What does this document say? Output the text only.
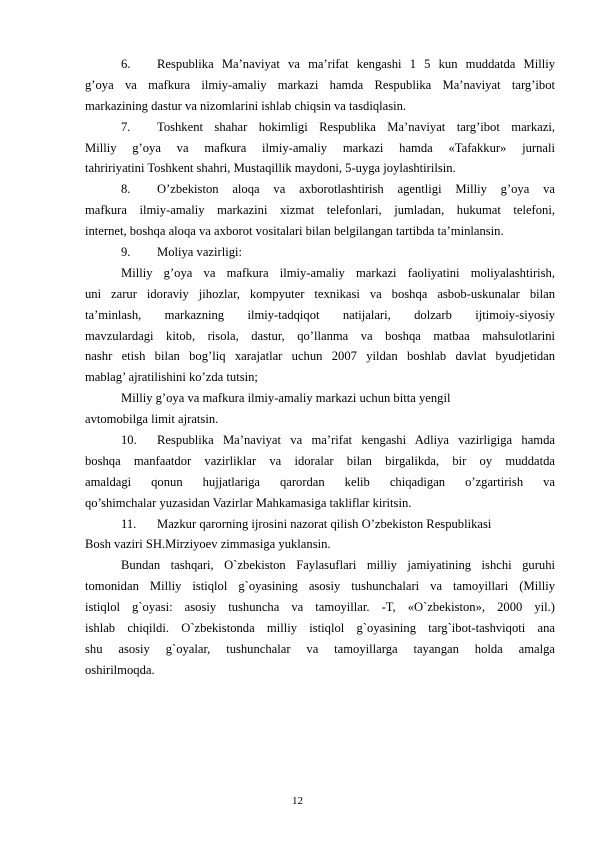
6. Respublika Ma’naviyat va ma’rifat kengashi 1 5 kun muddatda Milliy
g’oya va mafkura ilmiy-amaliy markazi hamda Respublika Ma’naviyat targ’ibot
markazining dastur va nizomlarini ishlab chiqsin va tasdiqlasin.
7. Toshkent shahar hokimligi Respublika Ma’naviyat targ’ibot markazi,
Milliy g’oya va mafkura ilmiy-amaliy markazi hamda «Tafakkur» jurnali
tahririyatini Toshkent shahri, Mustaqillik maydoni, 5-uyga joylashtirilsin.
8. O’zbekiston aloqa va axborotlashtirish agentligi Milliy g’oya va
mafkura ilmiy-amaliy markazini xizmat telefonlari, jumladan, hukumat telefoni,
internet, boshqa aloqa va axborot vositalari bilan belgilangan tartibda ta’minlansin.
9. Moliya vazirligi:
Milliy g’oya va mafkura ilmiy-amaliy markazi faoliyatini moliyalashtirish,
uni zarur idoraviy jihozlar, kompyuter texnikasi va boshqa asbob-uskunalar bilan
ta’minlash, markazning ilmiy-tadqiqot natijalari, dolzarb ijtimoiy-siyosiy
mavzulardagi kitob, risola, dastur, qo’llanma va boshqa matbaa mahsulotlarini
nashr etish bilan bog’liq xarajatlar uchun 2007 yildan boshlab davlat byudjetidan
mablag’ ajratilishini ko’zda tutsin;
Milliy g’oya va mafkura ilmiy-amaliy markazi uchun bitta yengil
avtomobilga limit ajratsin.
10. Respublika Ma’naviyat va ma’rifat kengashi Adliya vazirligiga hamda
boshqa manfaatdor vazirliklar va idoralar bilan birgalikda, bir oy muddatda
amaldagi qonun hujjatlariga qarordan kelib chiqadigan o’zgartirish va
qo’shimchalar yuzasidan Vazirlar Mahkamasiga takliflar kiritsin.
11. Mazkur qarorning ijrosini nazorat qilish O’zbekiston Respublikasi
Bosh vaziri SH.Mirziyoev zimmasiga yuklansin.
Bundan tashqari, O`zbekiston Faylasuflari milliy jamiyatining ishchi guruhi
tomonidan Milliy istiqlol g`oyasining asosiy tushunchalari va tamoyillari (Milliy
istiqlol g`oyasi: asosiy tushuncha va tamoyillar. -T, «O`zbekiston», 2000 yil.)
ishlab chiqildi. O`zbekistonda milliy istiqlol g`oyasining targ`ibot-tashviqoti ana
shu asosiy g`oyalar, tushunchalar va tamoyillarga tayangan holda amalga
oshirilmoqda.
12
